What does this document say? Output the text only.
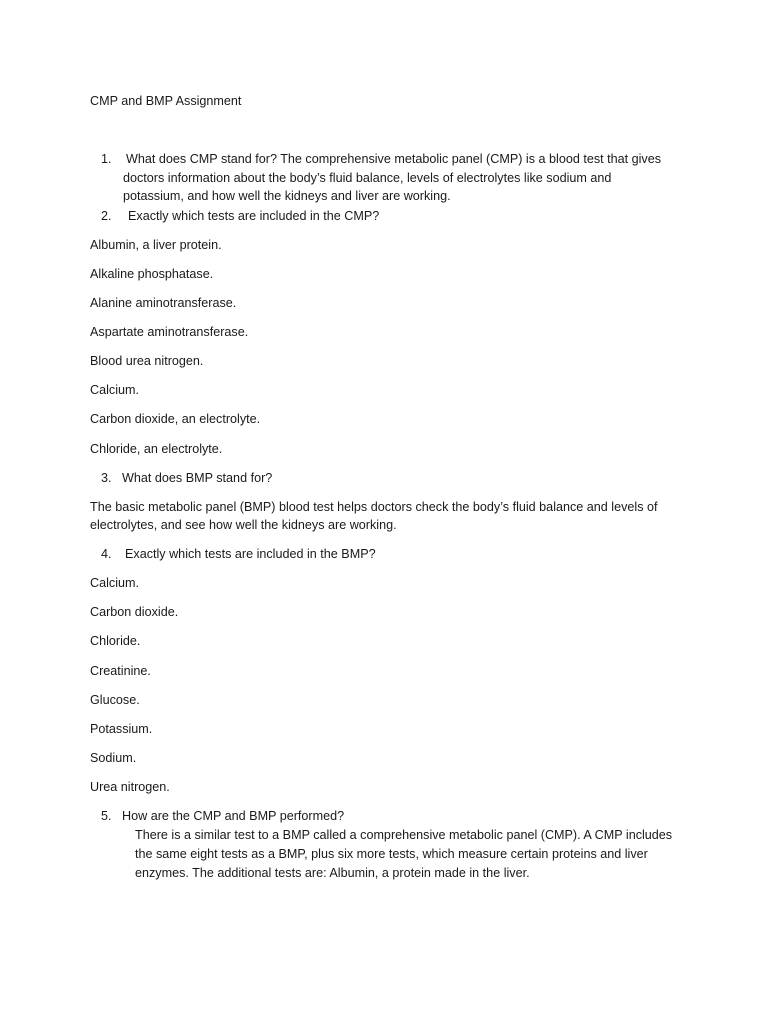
CMP and BMP Assignment
1. What does CMP stand for? The comprehensive metabolic panel (CMP) is a blood test that gives
doctors information about the body’s fluid balance, levels of electrolytes like sodium and
potassium, and how well the kidneys and liver are working.
2. Exactly which tests are included in the CMP?
Albumin, a liver protein.
Alkaline phosphatase.
Alanine aminotransferase.
Aspartate aminotransferase.
Blood urea nitrogen.
Calcium.
Carbon dioxide, an electrolyte.
Chloride, an electrolyte.
3. What does BMP stand for?
The basic metabolic panel (BMP) blood test helps doctors check the body’s fluid balance and levels of
electrolytes, and see how well the kidneys are working.
4. Exactly which tests are included in the BMP?
Calcium.
Carbon dioxide.
Chloride.
Creatinine.
Glucose.
Potassium.
Sodium.
Urea nitrogen.
5. How are the CMP and BMP performed?
There is a similar test to a BMP called a comprehensive metabolic panel (CMP). A CMP includes
the same eight tests as a BMP, plus six more tests, which measure certain proteins and liver
enzymes. The additional tests are: Albumin, a protein made in the liver.
